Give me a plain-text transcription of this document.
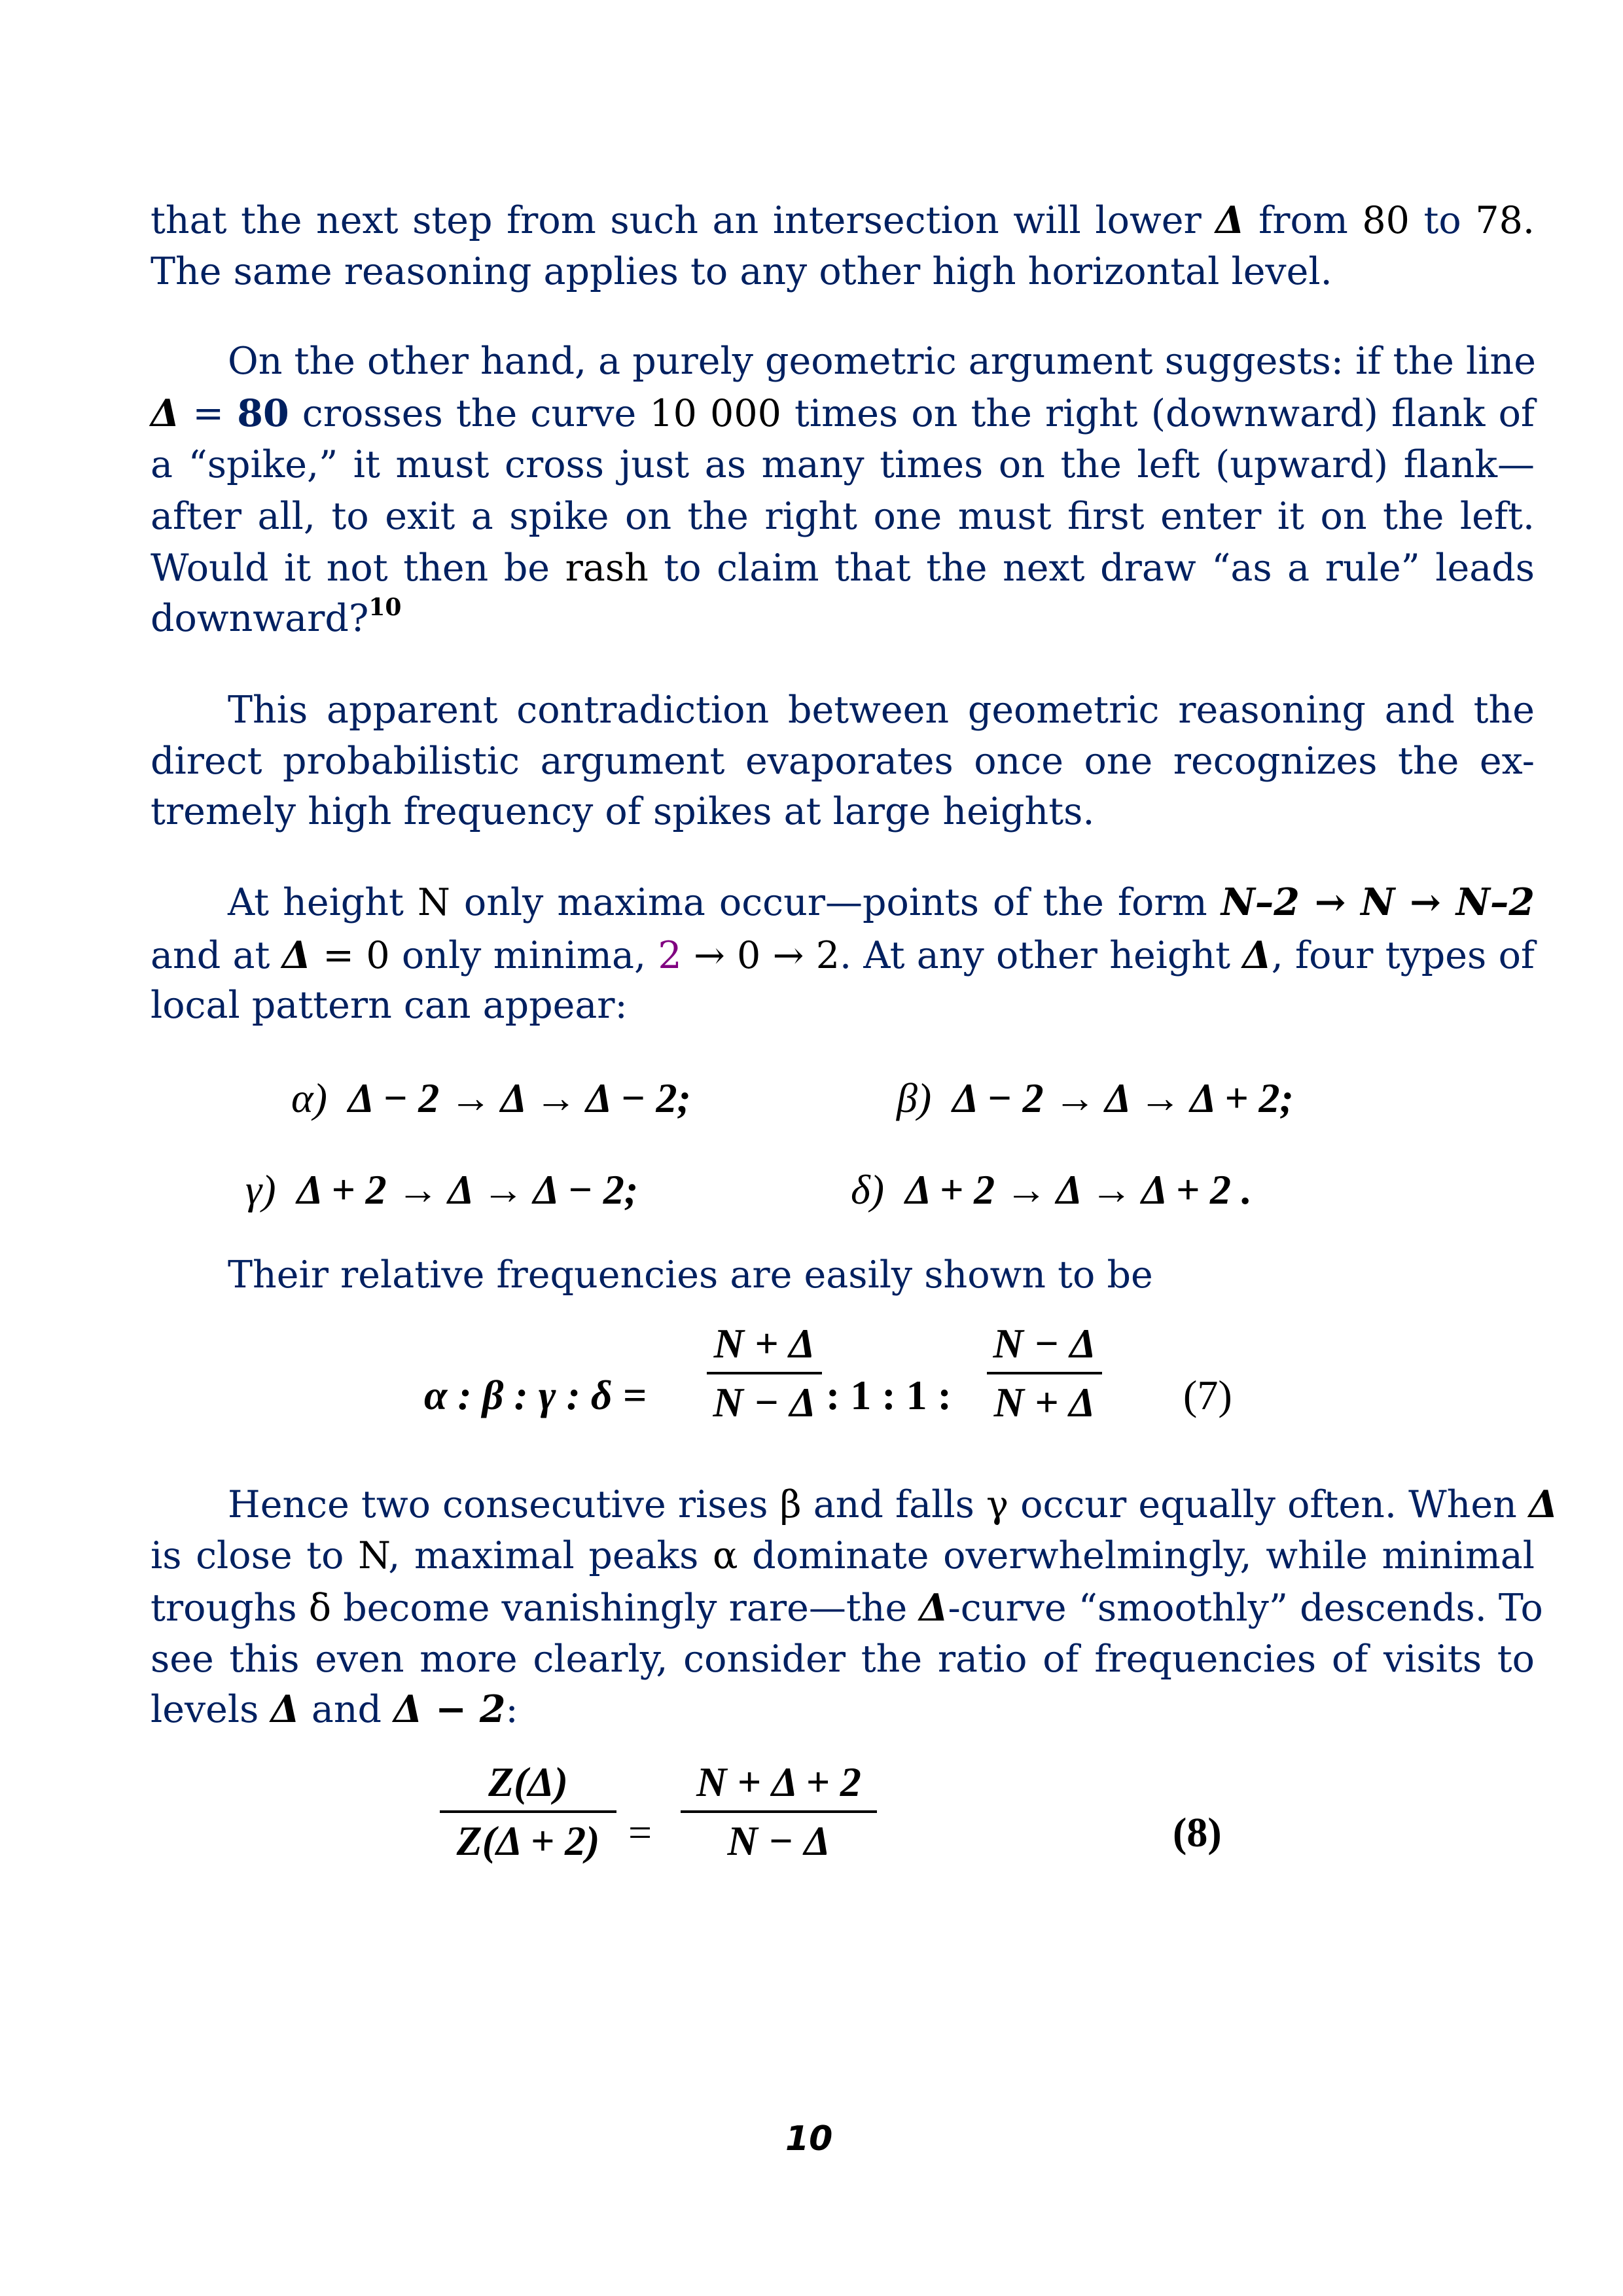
that the next step from such an intersection will lower Δ from 80 to 78.
The same reasoning applies to any other high horizontal level.
On the other hand, a purely geometric argument suggests: if the line
Δ = 80 crosses the curve 10 000 times on the right (downward) flank of
a “spike,” it must cross just as many times on the left (upward) flank—
after all, to exit a spike on the right one must first enter it on the left.
Would it not then be rash to claim that the next draw “as a rule” leads
downward?$^{10}$
This apparent contradiction between geometric reasoning and the
direct probabilistic argument evaporates once one recognizes the ex-
tremely high frequency of spikes at large heights.
At height N only maxima occur—points of the form N–2 → N → N–2
and at Δ = 0 only minima, 2 → 0 → 2. At any other height Δ, four types of
local pattern can appear:
α) Δ − 2 → Δ → Δ − 2;	β) Δ − 2 → Δ → Δ + 2;
γ) Δ + 2 → Δ → Δ − 2;	δ) Δ + 2 → Δ → Δ + 2 .
Their relative frequencies are easily shown to be
α : β : γ : δ =
N + Δ
N − Δ : 1 : 1 :
N − Δ
N + Δ (7)
Hence two consecutive rises β and falls γ occur equally often. When Δ
is close to N, maximal peaks α dominate overwhelmingly, while minimal
troughs δ become vanishingly rare—the Δ-curve “smoothly” descends. To
see this even more clearly, consider the ratio of frequencies of visits to
levels Δ and Δ − 2:
Z(Δ)
Z(Δ + 2) =
N + Δ + 2
N − Δ	(8)
10
